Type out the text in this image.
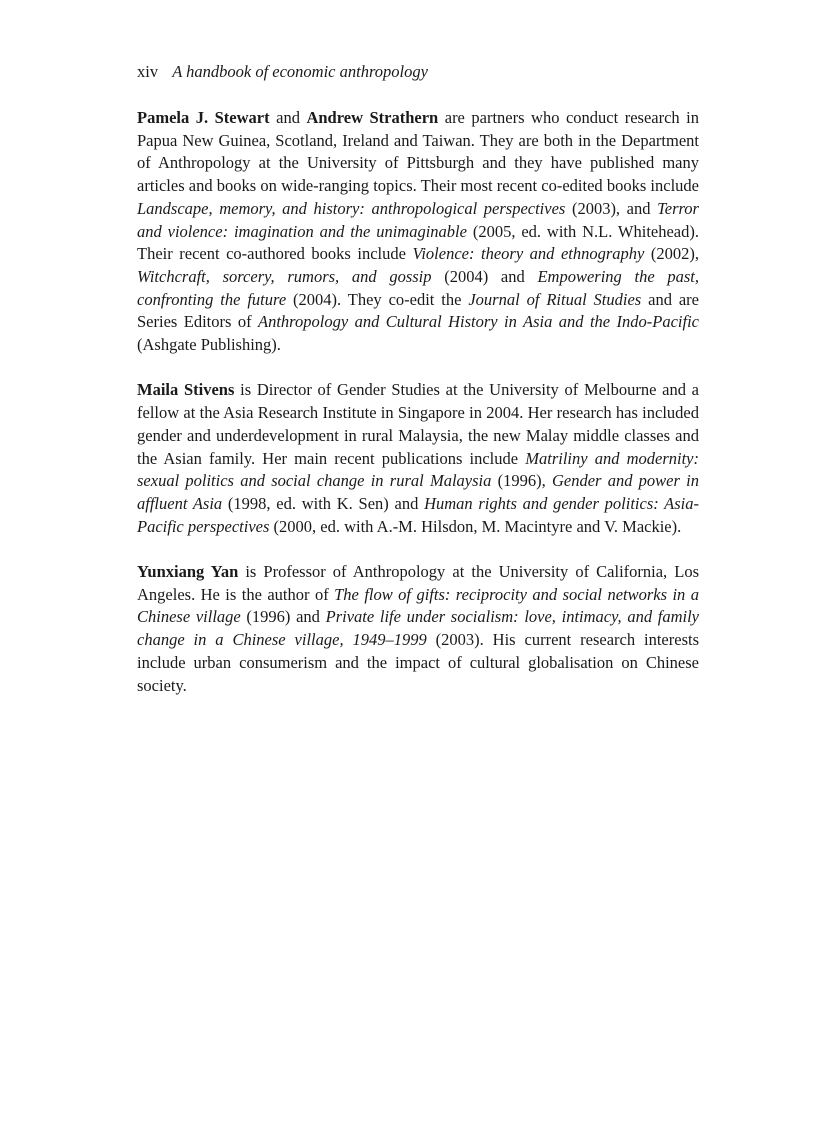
xiv A handbook of economic anthropology

Pamela J. Stewart and Andrew Strathern are partners who conduct research in Papua New Guinea, Scotland, Ireland and Taiwan. They are both in the Department of Anthropology at the University of Pittsburgh and they have published many articles and books on wide-ranging topics. Their most recent co-edited books include Landscape, memory, and history: anthropological perspectives (2003), and Terror and violence: imagination and the unimaginable (2005, ed. with N.L. Whitehead). Their recent co-authored books include Violence: theory and ethnography (2002), Witchcraft, sorcery, rumors, and gossip (2004) and Empowering the past, confronting the future (2004). They co-edit the Journal of Ritual Studies and are Series Editors of Anthropology and Cultural History in Asia and the Indo-Pacific (Ashgate Publishing).

Maila Stivens is Director of Gender Studies at the University of Melbourne and a fellow at the Asia Research Institute in Singapore in 2004. Her research has included gender and underdevelopment in rural Malaysia, the new Malay middle classes and the Asian family. Her main recent publications include Matriliny and modernity: sexual politics and social change in rural Malaysia (1996), Gender and power in affluent Asia (1998, ed. with K. Sen) and Human rights and gender politics: Asia-Pacific perspectives (2000, ed. with A.-M. Hilsdon, M. Macintyre and V. Mackie).

Yunxiang Yan is Professor of Anthropology at the University of California, Los Angeles. He is the author of The flow of gifts: reciprocity and social networks in a Chinese village (1996) and Private life under socialism: love, intimacy, and family change in a Chinese village, 1949–1999 (2003). His current research interests include urban consumerism and the impact of cultural globalisation on Chinese society.
